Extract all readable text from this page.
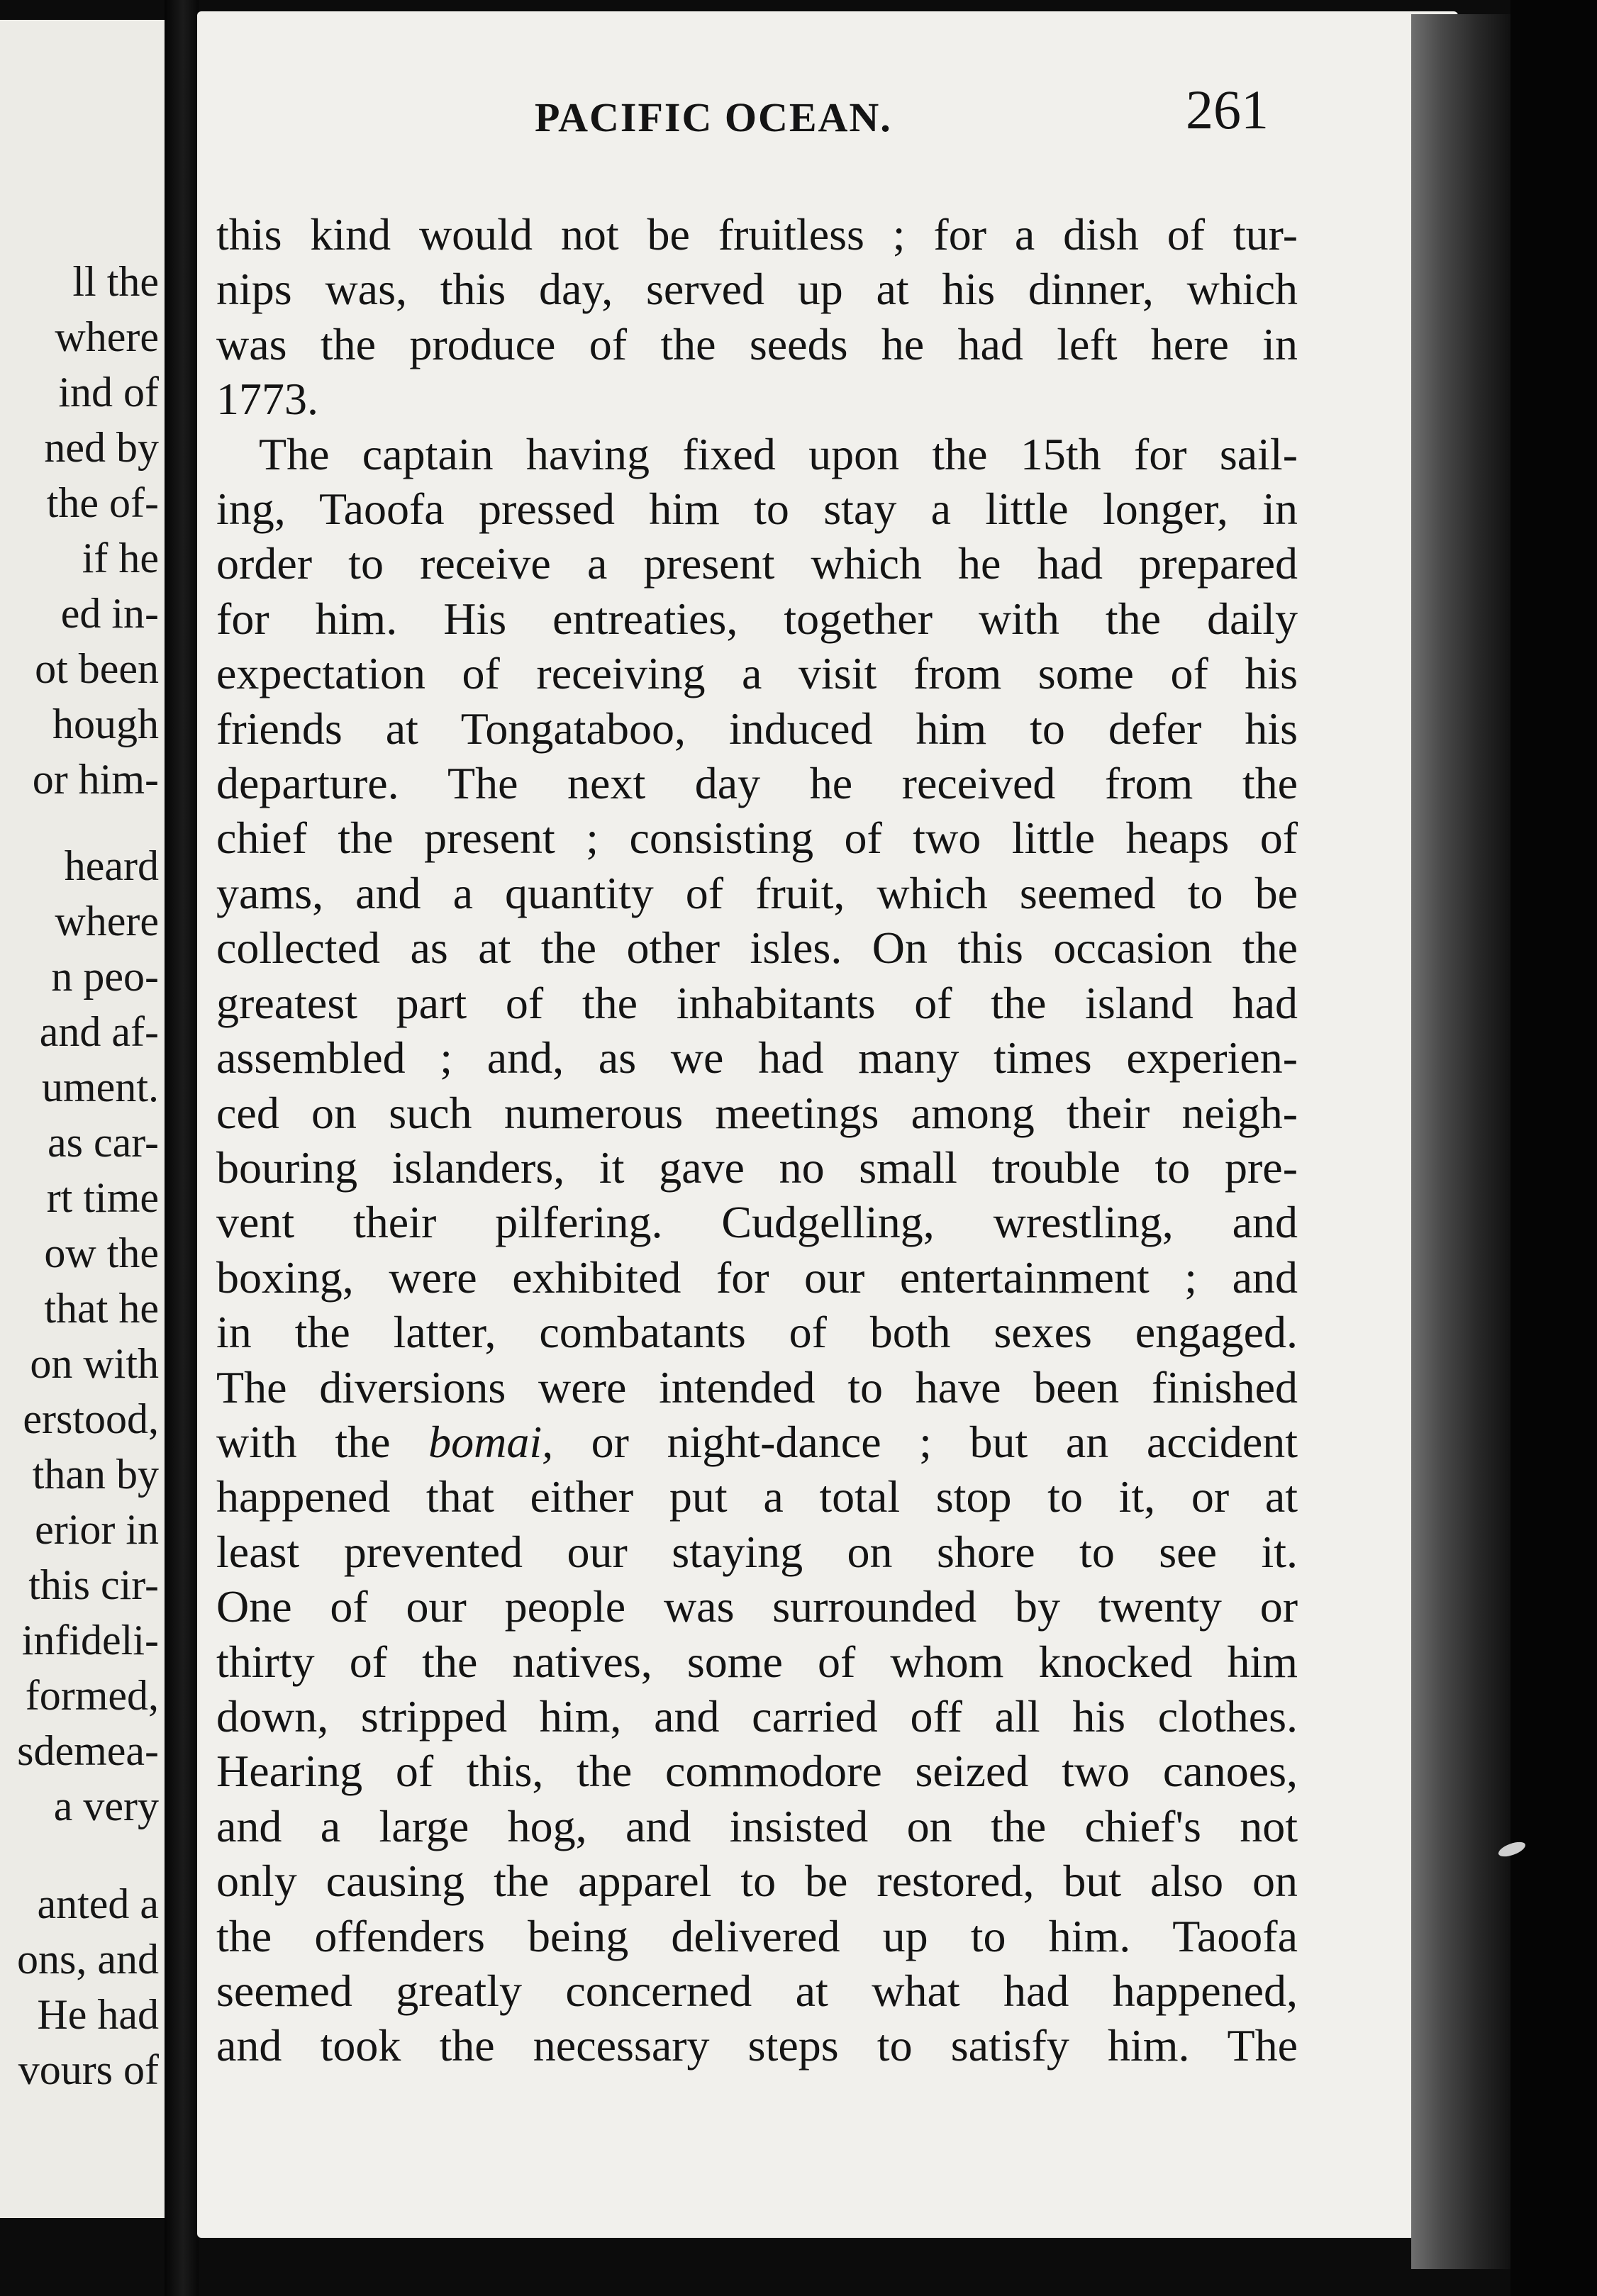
ll the
where
ind of
ned by
the of-
if he
ed in-
ot been
hough
or him-
heard
where
n peo-
and af-
ument.
as car-
rt time
ow the
that he
on with
erstood,
than by
erior in
this cir-
infideli-
formed,
sdemea-
a very
anted a
ons, and
He had
vours of
PACIFIC OCEAN.	261
this kind would not be fruitless ; for a dish of tur-
nips was, this day, served up at his dinner, which
was the produce of the seeds he had left here in
1773.
The captain having fixed upon the 15th for sail-
ing, Taoofa pressed him to stay a little longer, in
order to receive a present which he had prepared
for him. His entreaties, together with the daily
expectation of receiving a visit from some of his
friends at Tongataboo, induced him to defer his
departure. The next day he received from the
chief the present ; consisting of two little heaps of
yams, and a quantity of fruit, which seemed to be
collected as at the other isles. On this occasion the
greatest part of the inhabitants of the island had
assembled ; and, as we had many times experien-
ced on such numerous meetings among their neigh-
bouring islanders, it gave no small trouble to pre-
vent their pilfering. Cudgelling, wrestling, and
boxing, were exhibited for our entertainment ; and
in the latter, combatants of both sexes engaged.
The diversions were intended to have been finished
with the bomai, or night-dance ; but an accident
happened that either put a total stop to it, or at
least prevented our staying on shore to see it.
One of our people was surrounded by twenty or
thirty of the natives, some of whom knocked him
down, stripped him, and carried off all his clothes.
Hearing of this, the commodore seized two canoes,
and a large hog, and insisted on the chief's not
only causing the apparel to be restored, but also on
the offenders being delivered up to him. Taoofa
seemed greatly concerned at what had happened,
and took the necessary steps to satisfy him. The
